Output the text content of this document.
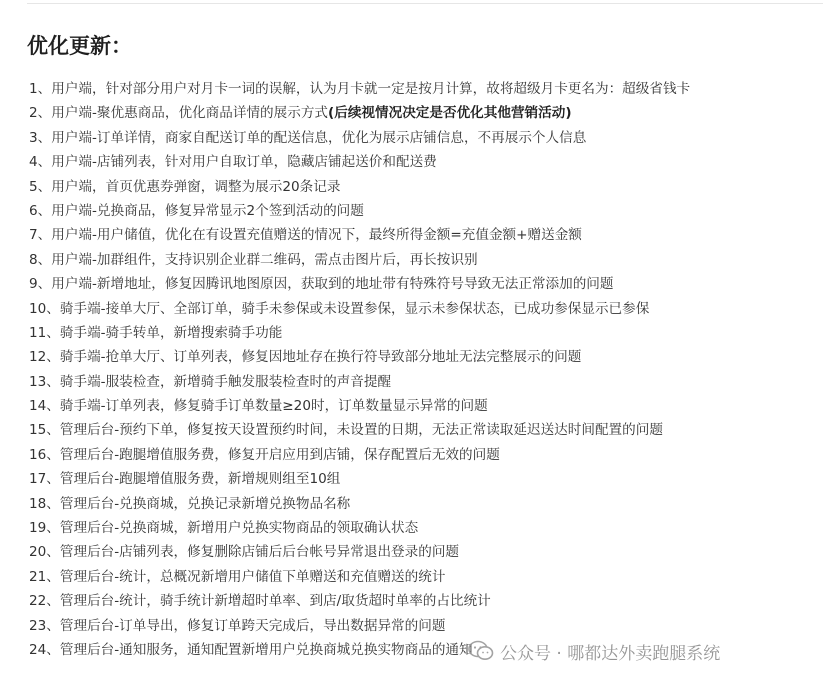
优化更新：
1、用户端，针对部分用户对月卡一词的误解，认为月卡就一定是按月计算，故将超级月卡更名为：超级省钱卡
2、用户端-聚优惠商品，优化商品详情的展示方式(后续视情况决定是否优化其他营销活动)
3、用户端-订单详情，商家自配送订单的配送信息，优化为展示店铺信息，不再展示个人信息
4、用户端-店铺列表，针对用户自取订单，隐藏店铺起送价和配送费
5、用户端，首页优惠券弹窗，调整为展示20条记录
6、用户端-兑换商品，修复异常显示2个签到活动的问题
7、用户端-用户储值，优化在有设置充值赠送的情况下，最终所得金额=充值金额+赠送金额
8、用户端-加群组件，支持识别企业群二维码，需点击图片后，再长按识别
9、用户端-新增地址，修复因腾讯地图原因，获取到的地址带有特殊符号导致无法正常添加的问题
10、骑手端-接单大厅、全部订单，骑手未参保或未设置参保，显示未参保状态，已成功参保显示已参保
11、骑手端-骑手转单，新增搜索骑手功能
12、骑手端-抢单大厅、订单列表，修复因地址存在换行符导致部分地址无法完整展示的问题
13、骑手端-服装检查，新增骑手触发服装检查时的声音提醒
14、骑手端-订单列表，修复骑手订单数量≥20时，订单数量显示异常的问题
15、管理后台-预约下单，修复按天设置预约时间，未设置的日期，无法正常读取延迟送达时间配置的问题
16、管理后台-跑腿增值服务费，修复开启应用到店铺，保存配置后无效的问题
17、管理后台-跑腿增值服务费，新增规则组至10组
18、管理后台-兑换商城，兑换记录新增兑换物品名称
19、管理后台-兑换商城，新增用户兑换实物商品的领取确认状态
20、管理后台-店铺列表，修复删除店铺后后台帐号异常退出登录的问题
21、管理后台-统计，总概况新增用户储值下单赠送和充值赠送的统计
22、管理后台-统计，骑手统计新增超时单率、到店/取货超时单率的占比统计
23、管理后台-订单导出，修复订单跨天完成后，导出数据异常的问题
24、管理后台-通知服务，通知配置新增用户兑换商城兑换实物商品的通知	公众号 · 哪都达外卖跑腿系统
